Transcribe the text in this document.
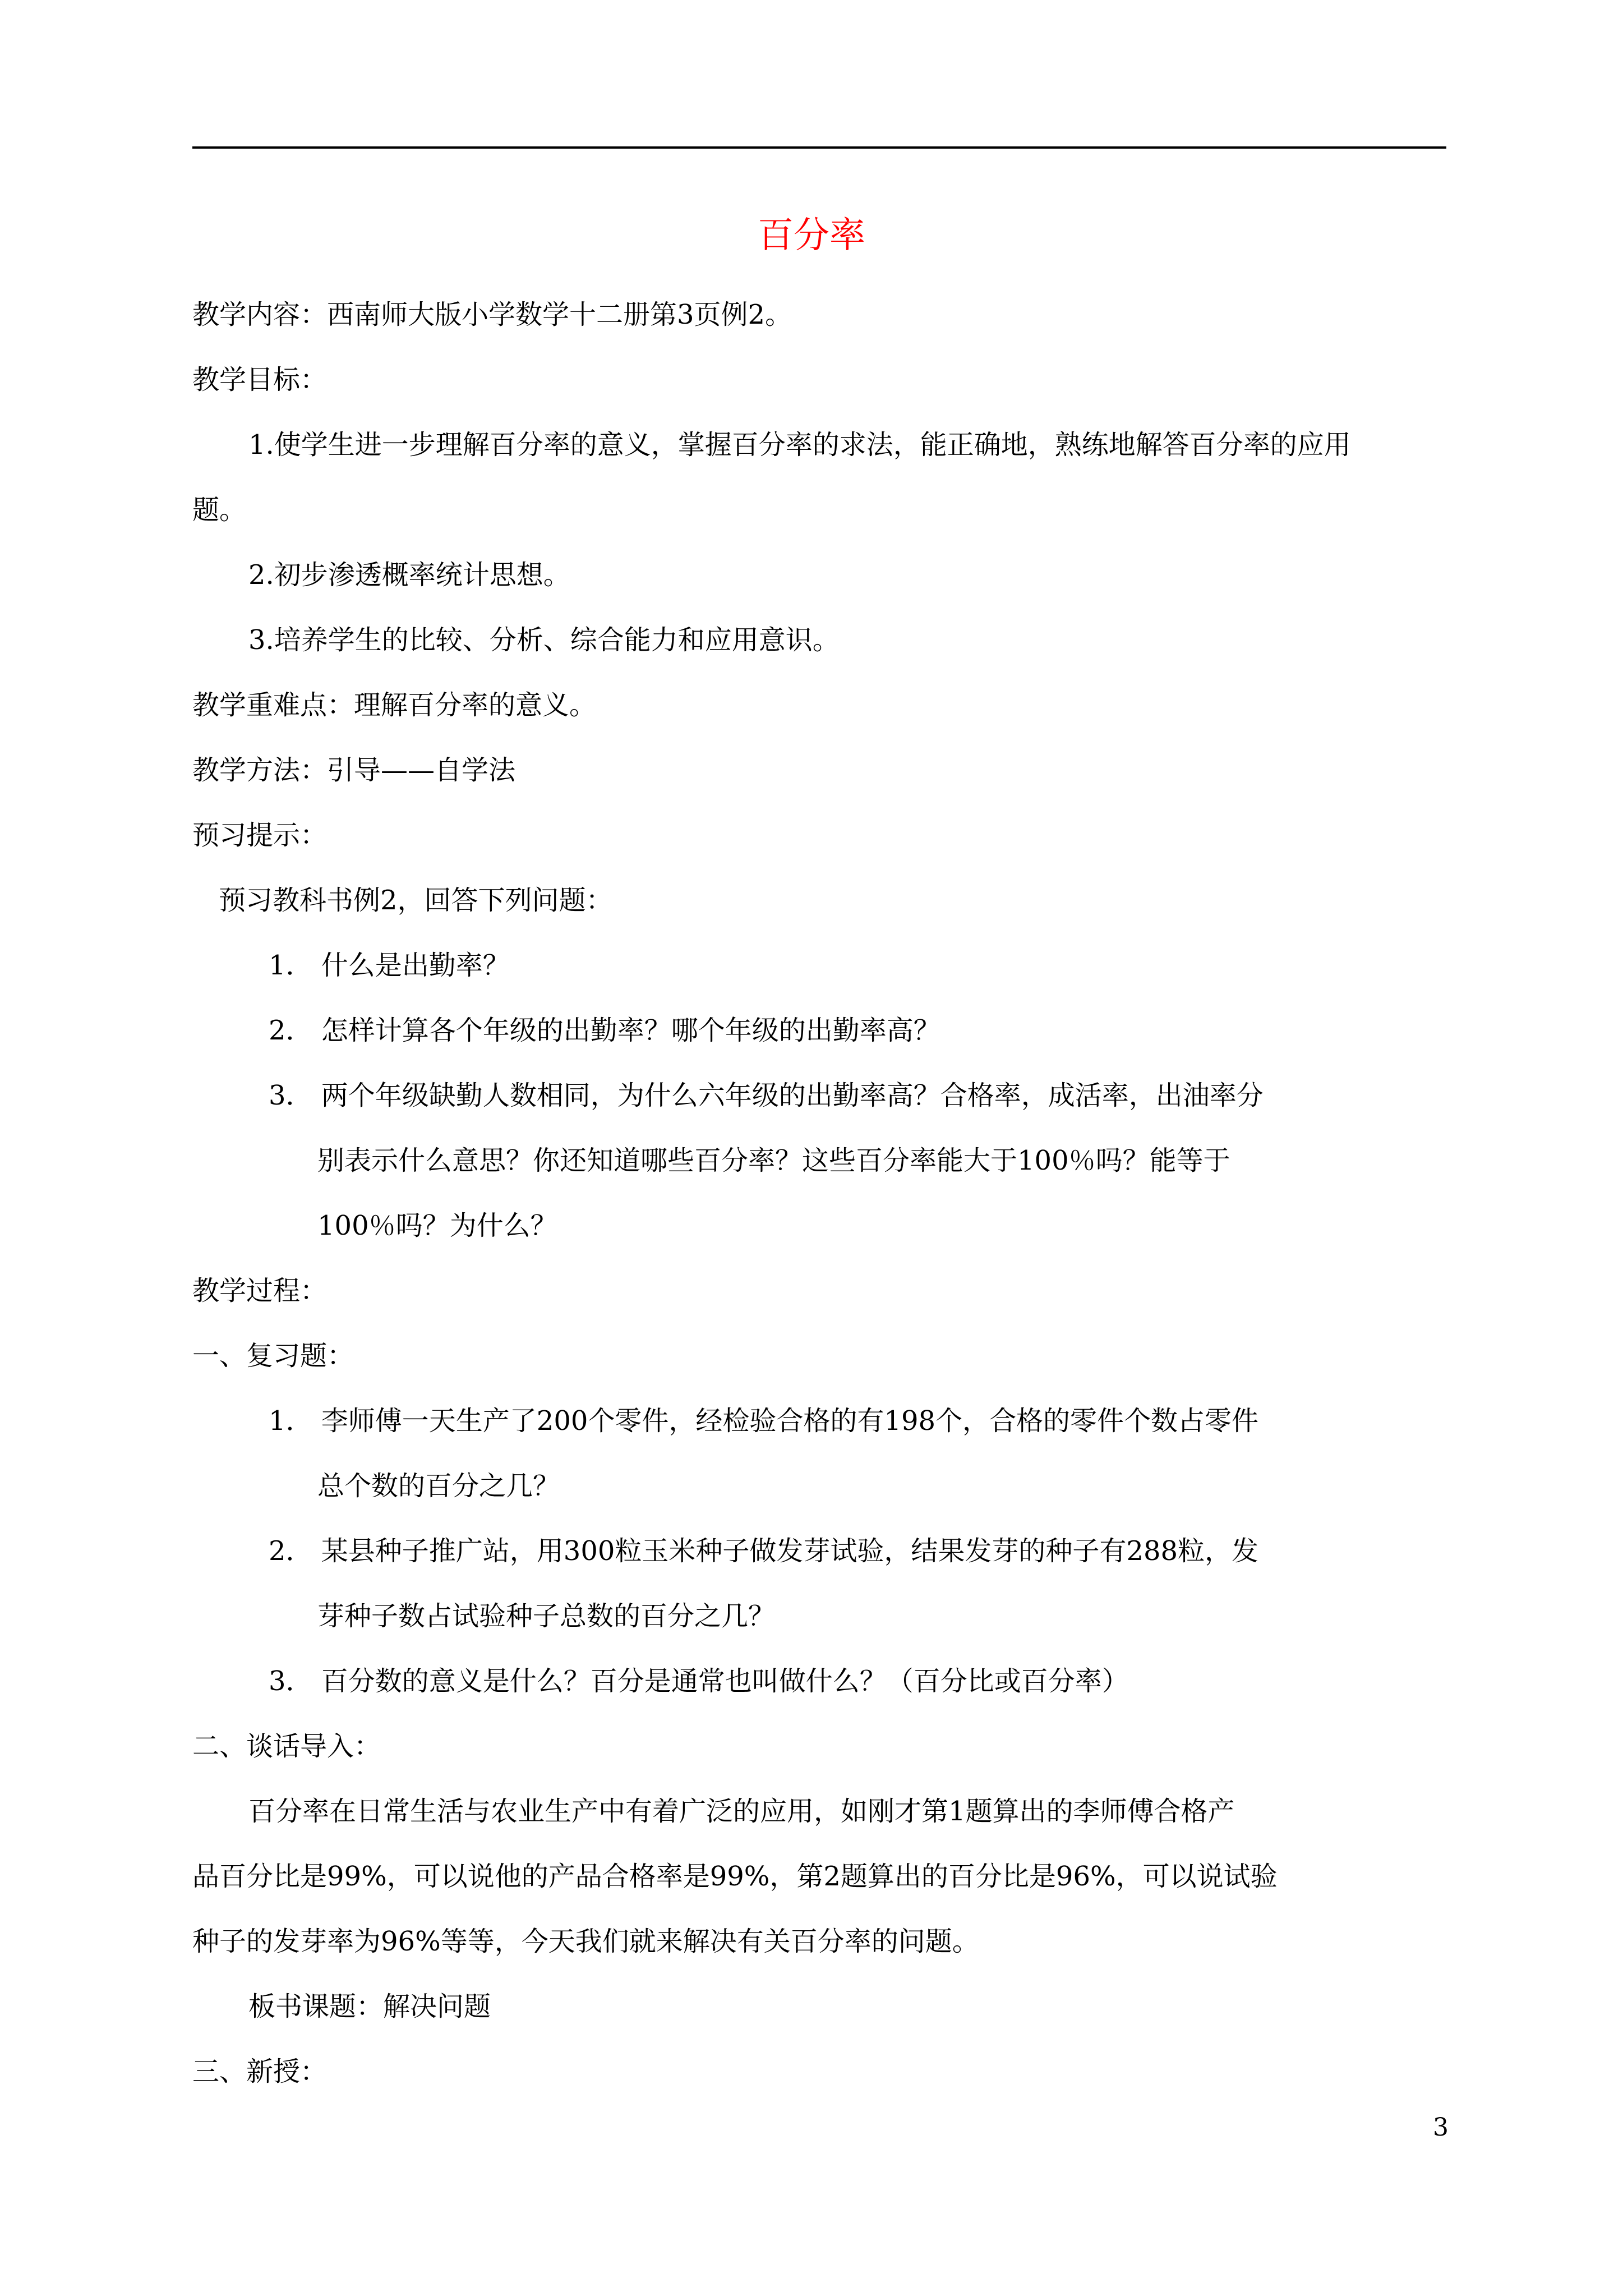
百分率
教学内容：西南师大版小学数学十二册第3页例2。
教学目标：
1.使学生进一步理解百分率的意义，掌握百分率的求法，能正确地，熟练地解答百分率的应用
题。
2.初步渗透概率统计思想。
3.培养学生的比较、分析、综合能力和应用意识。
教学重难点：理解百分率的意义。
教学方法：引导——自学法
预习提示：
预习教科书例2，回答下列问题：
1． 什么是出勤率？
2． 怎样计算各个年级的出勤率？哪个年级的出勤率高？
3． 两个年级缺勤人数相同，为什么六年级的出勤率高？合格率，成活率，出油率分
别表示什么意思？你还知道哪些百分率？这些百分率能大于100％吗？能等于
100％吗？为什么？
教学过程：
一、复习题：
1． 李师傅一天生产了200个零件，经检验合格的有198个，合格的零件个数占零件
总个数的百分之几？
2． 某县种子推广站，用300粒玉米种子做发芽试验，结果发芽的种子有288粒，发
芽种子数占试验种子总数的百分之几？
3． 百分数的意义是什么？百分是通常也叫做什么？（百分比或百分率）
二、谈话导入：
百分率在日常生活与农业生产中有着广泛的应用，如刚才第1题算出的李师傅合格产
品百分比是99%，可以说他的产品合格率是99%，第2题算出的百分比是96%，可以说试验
种子的发芽率为96%等等，今天我们就来解决有关百分率的问题。
板书课题：解决问题
三、新授：
3
